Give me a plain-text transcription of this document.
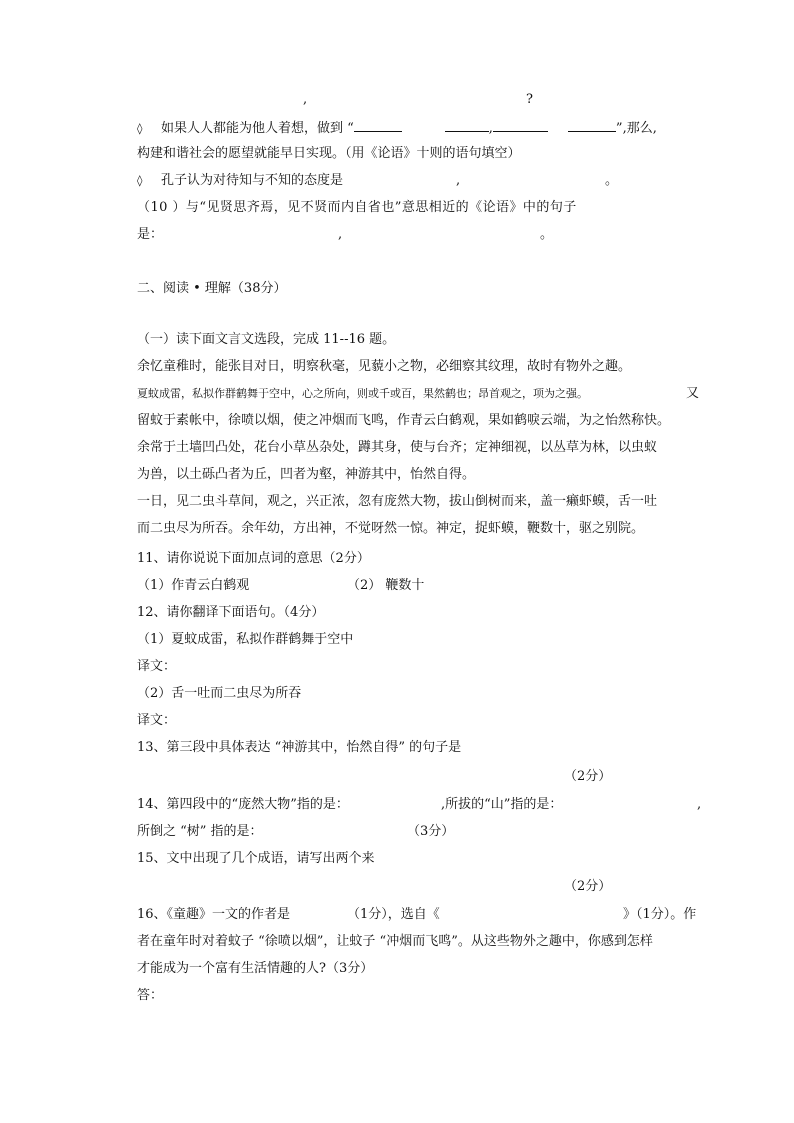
,	?
◊ 如果人人都能为他人着想，做到 “	,	”,那么,
构建和谐社会的愿望就能早日实现。（用《论语》十则的语句填空）
◊ 孔子认为对待知与不知的态度是	,	。
（10 ）与“见贤思齐焉，见不贤而内自省也”意思相近的《论语》中的句子
是：	,	。
二、阅读 • 理解（38分）
（一）读下面文言文选段，完成 11--16 题。
余忆童稚时，能张目对日，明察秋毫，见藐小之物，必细察其纹理，故时有物外之趣。
夏蚊成雷，私拟作群鹤舞于空中，心之所向，则或千或百，果然鹤也；昂首观之，项为之强。	又
留蚊于素帐中，徐喷以烟，使之冲烟而飞鸣，作青云白鹤观，果如鹤唳云端，为之怡然称快。
余常于土墙凹凸处，花台小草丛杂处，蹲其身，使与台齐；定神细视，以丛草为林，以虫蚁
为兽，以土砾凸者为丘，凹者为壑，神游其中，怡然自得。
一日，见二虫斗草间，观之，兴正浓，忽有庞然大物，拔山倒树而来，盖一癞虾蟆，舌一吐
而二虫尽为所吞。余年幼，方出神，不觉呀然一惊。神定，捉虾蟆，鞭数十，驱之别院。
11、请你说说下面加点词的意思（2分）
（1）作青云白鹤观	（2） 鞭数十
12、请你翻译下面语句。（4分）
（1）夏蚊成雷，私拟作群鹤舞于空中
译文：
（2）舌一吐而二虫尽为所吞
译文：
13、第三段中具体表达 “神游其中，怡然自得” 的句子是
（2分）
14、第四段中的“庞然大物”指的是：	,所拔的“山”指的是：	,
所倒之 “树” 指的是：	（3分）
15、文中出现了几个成语，请写出两个来
（2分）
16、《童趣》一文的作者是	（1分），选自《	》（1分）。作
者在童年时对着蚊子 “徐喷以烟”，让蚊子 “冲烟而飞鸣”。从这些物外之趣中，你感到怎样
才能成为一个富有生活情趣的人?（3分）
答：
